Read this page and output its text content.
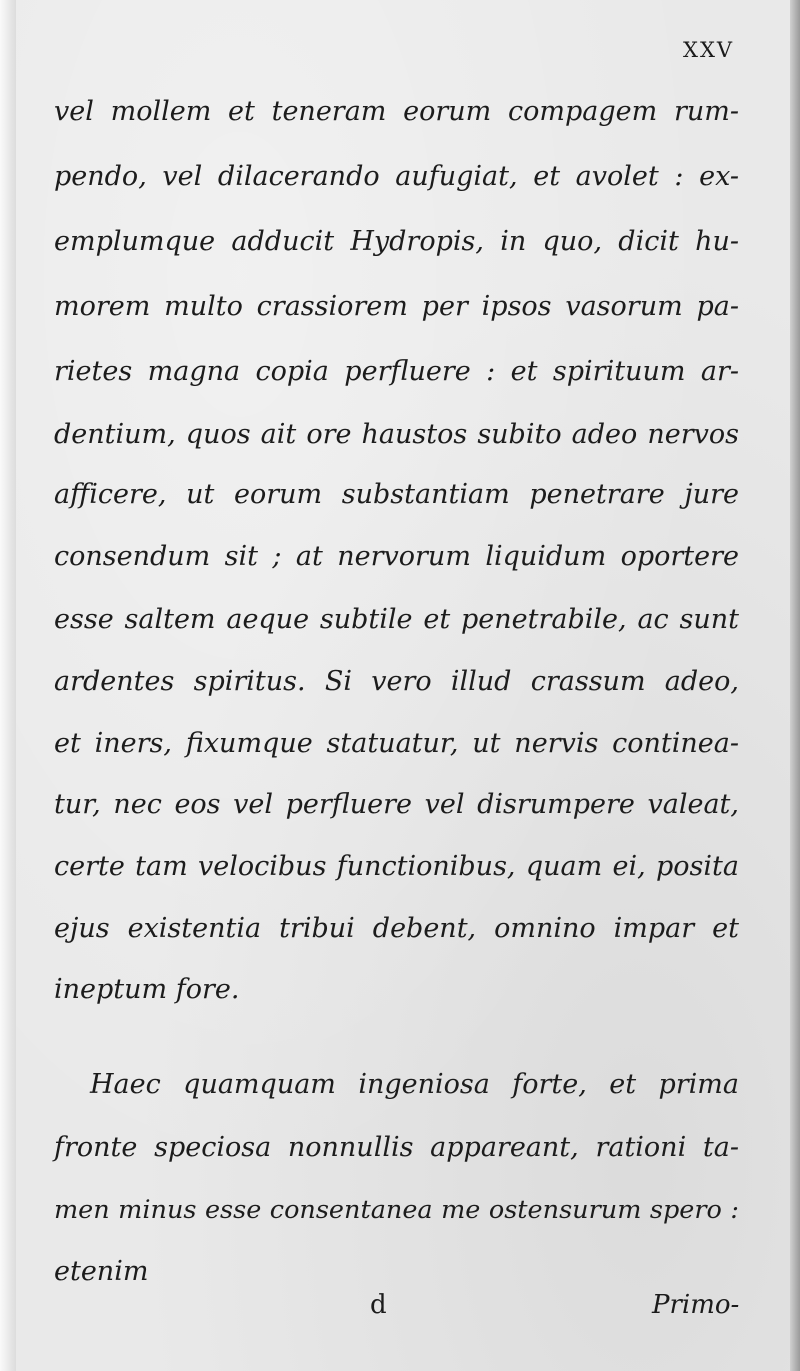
XXV
vel mollem et teneram eorum compagem rum-
pendo, vel dilacerando aufugiat, et avolet : ex-
emplumque adducit Hydropis, in quo, dicit hu-
morem multo crassiorem per ipsos vasorum pa-
rietes magna copia perfluere : et spirituum ar-
dentium, quos ait ore haustos subito adeo nervos
afficere, ut eorum substantiam penetrare jure
consendum sit ; at nervorum liquidum oportere
esse saltem aeque subtile et penetrabile, ac sunt
ardentes spiritus. Si vero illud crassum adeo,
et iners, fixumque statuatur, ut nervis contineа-
tur, nec eos vel perfluere vel disrumpere valeat,
certe tam velocibus functionibus, quam ei, posita
ejus existentia tribui debent, omnino impar et
ineptum fore.
Haec quamquam ingeniosa forte, et prima
fronte speciosa nonnullis appareant, rationi ta-
men minus esse consentanea me ostensurum spero :
etenim
d	Primo-
